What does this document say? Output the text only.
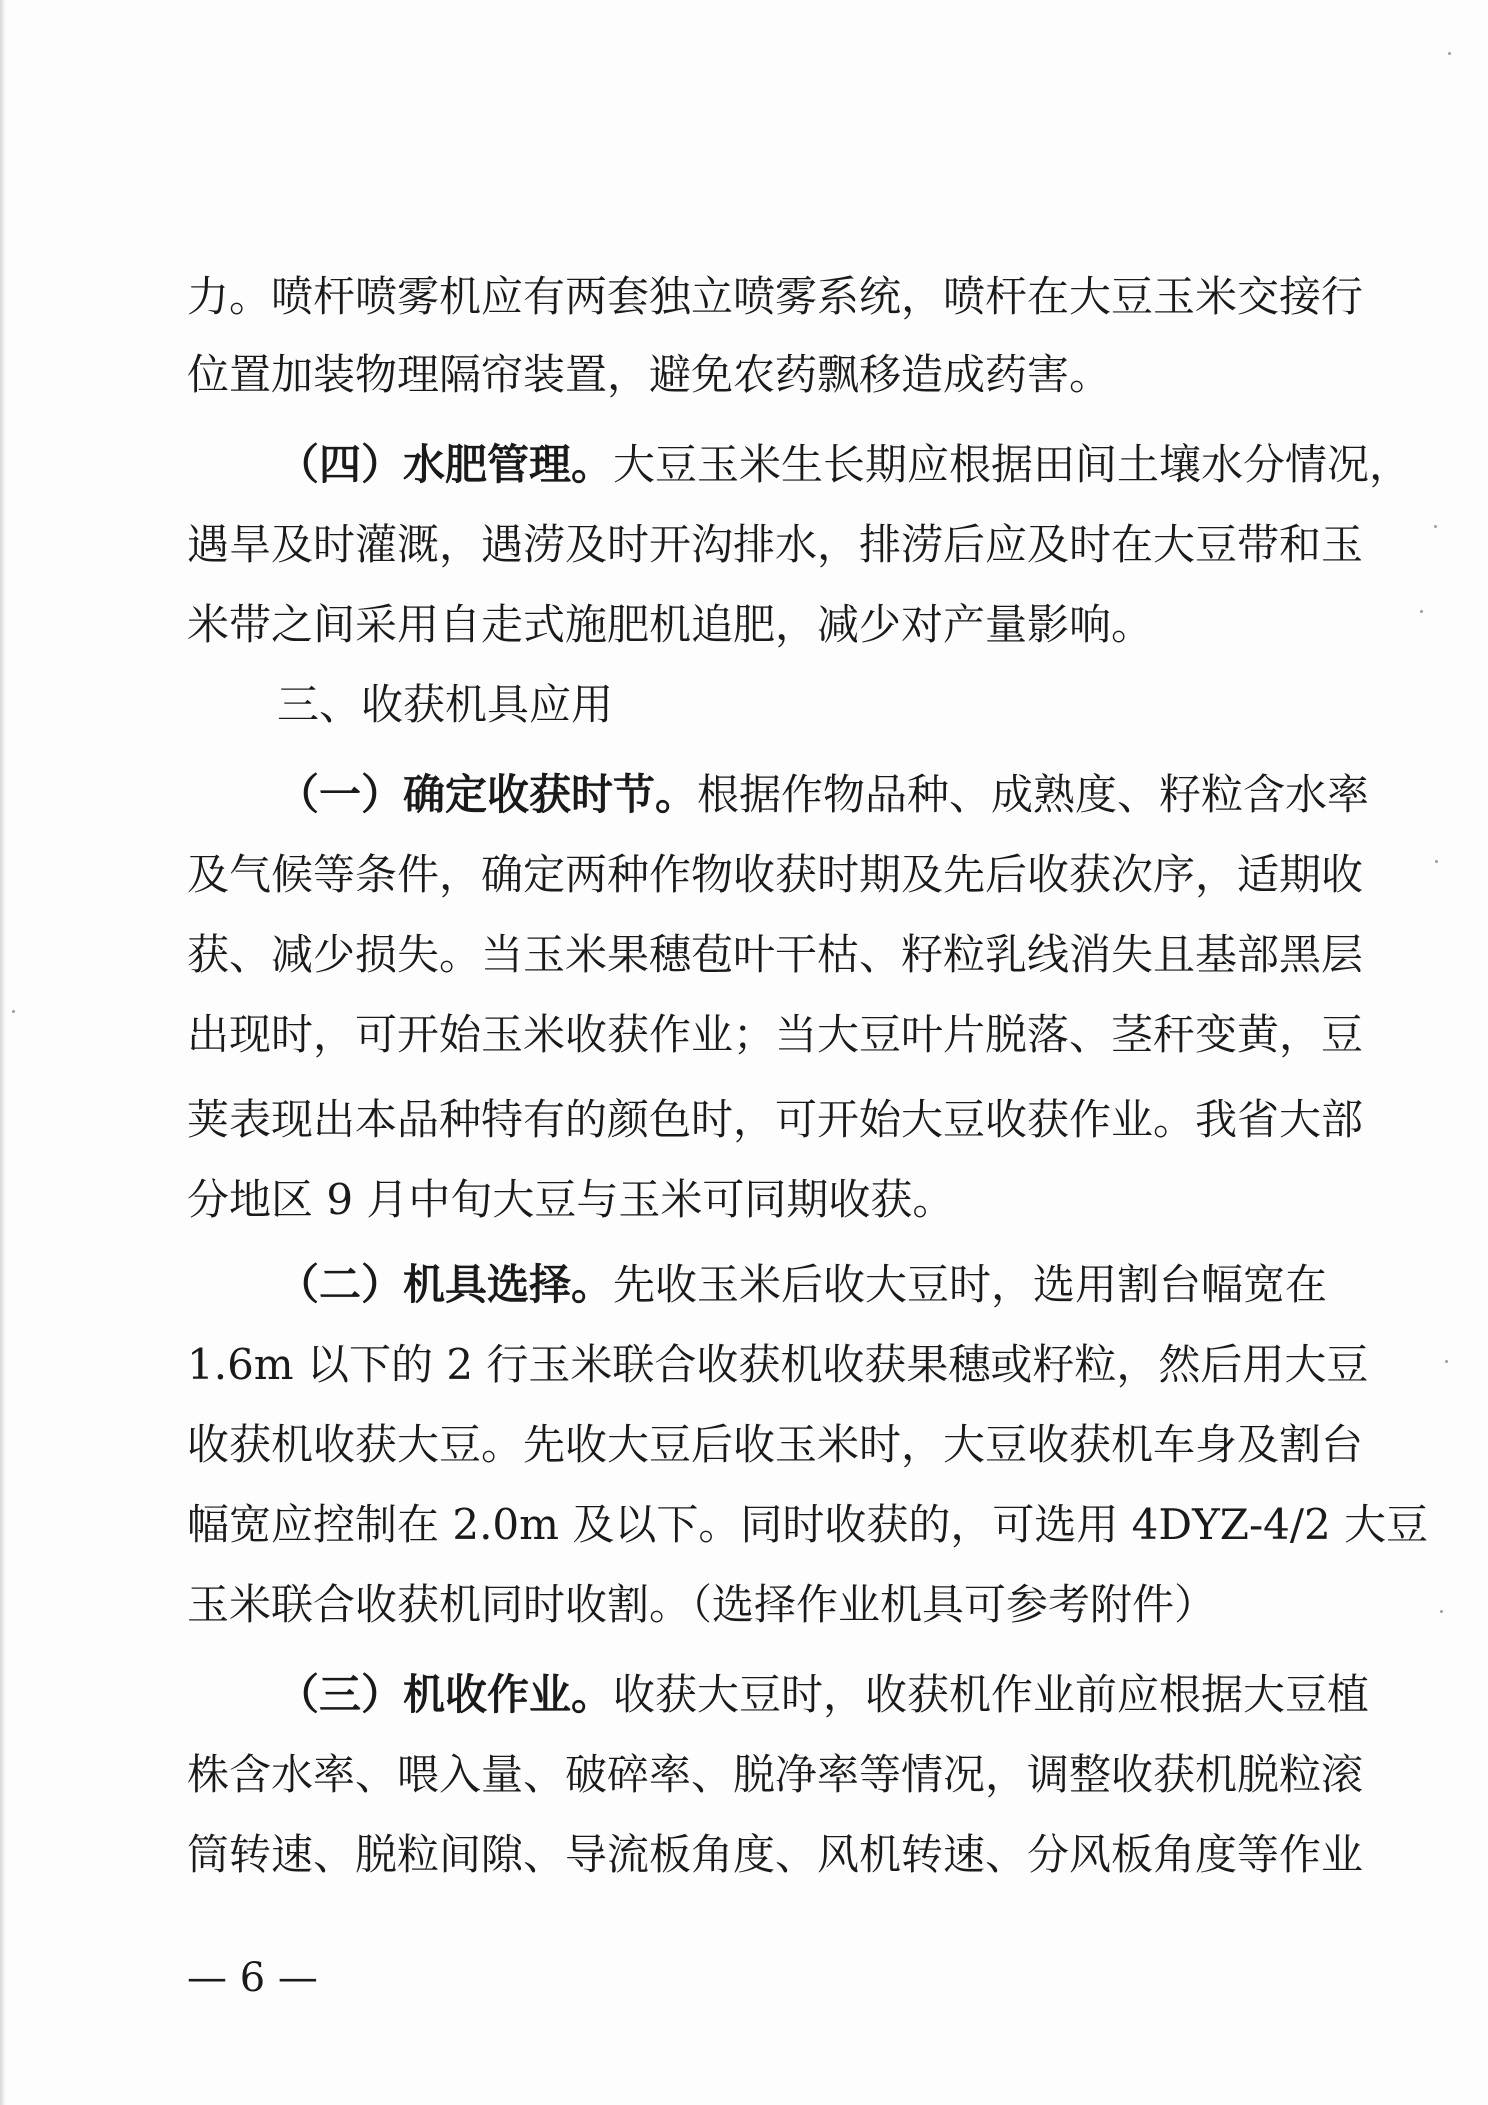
力。喷杆喷雾机应有两套独立喷雾系统，喷杆在大豆玉米交接行
位置加装物理隔帘装置，避免农药飘移造成药害。
（四）水肥管理。大豆玉米生长期应根据田间土壤水分情况，
遇旱及时灌溉，遇涝及时开沟排水，排涝后应及时在大豆带和玉
米带之间采用自走式施肥机追肥，减少对产量影响。
三、收获机具应用
（一）确定收获时节。根据作物品种、成熟度、籽粒含水率
及气候等条件，确定两种作物收获时期及先后收获次序，适期收
获、减少损失。当玉米果穗苞叶干枯、籽粒乳线消失且基部黑层
出现时，可开始玉米收获作业；当大豆叶片脱落、茎秆变黄，豆
荚表现出本品种特有的颜色时，可开始大豆收获作业。我省大部
分地区 9 月中旬大豆与玉米可同期收获。
（二）机具选择。先收玉米后收大豆时，选用割台幅宽在
1.6m 以下的 2 行玉米联合收获机收获果穗或籽粒，然后用大豆
收获机收获大豆。先收大豆后收玉米时，大豆收获机车身及割台
幅宽应控制在 2.0m 及以下。同时收获的，可选用 4DYZ-4/2 大豆
玉米联合收获机同时收割。（选择作业机具可参考附件）
（三）机收作业。收获大豆时，收获机作业前应根据大豆植
株含水率、喂入量、破碎率、脱净率等情况，调整收获机脱粒滚
筒转速、脱粒间隙、导流板角度、风机转速、分风板角度等作业
— 6 —
